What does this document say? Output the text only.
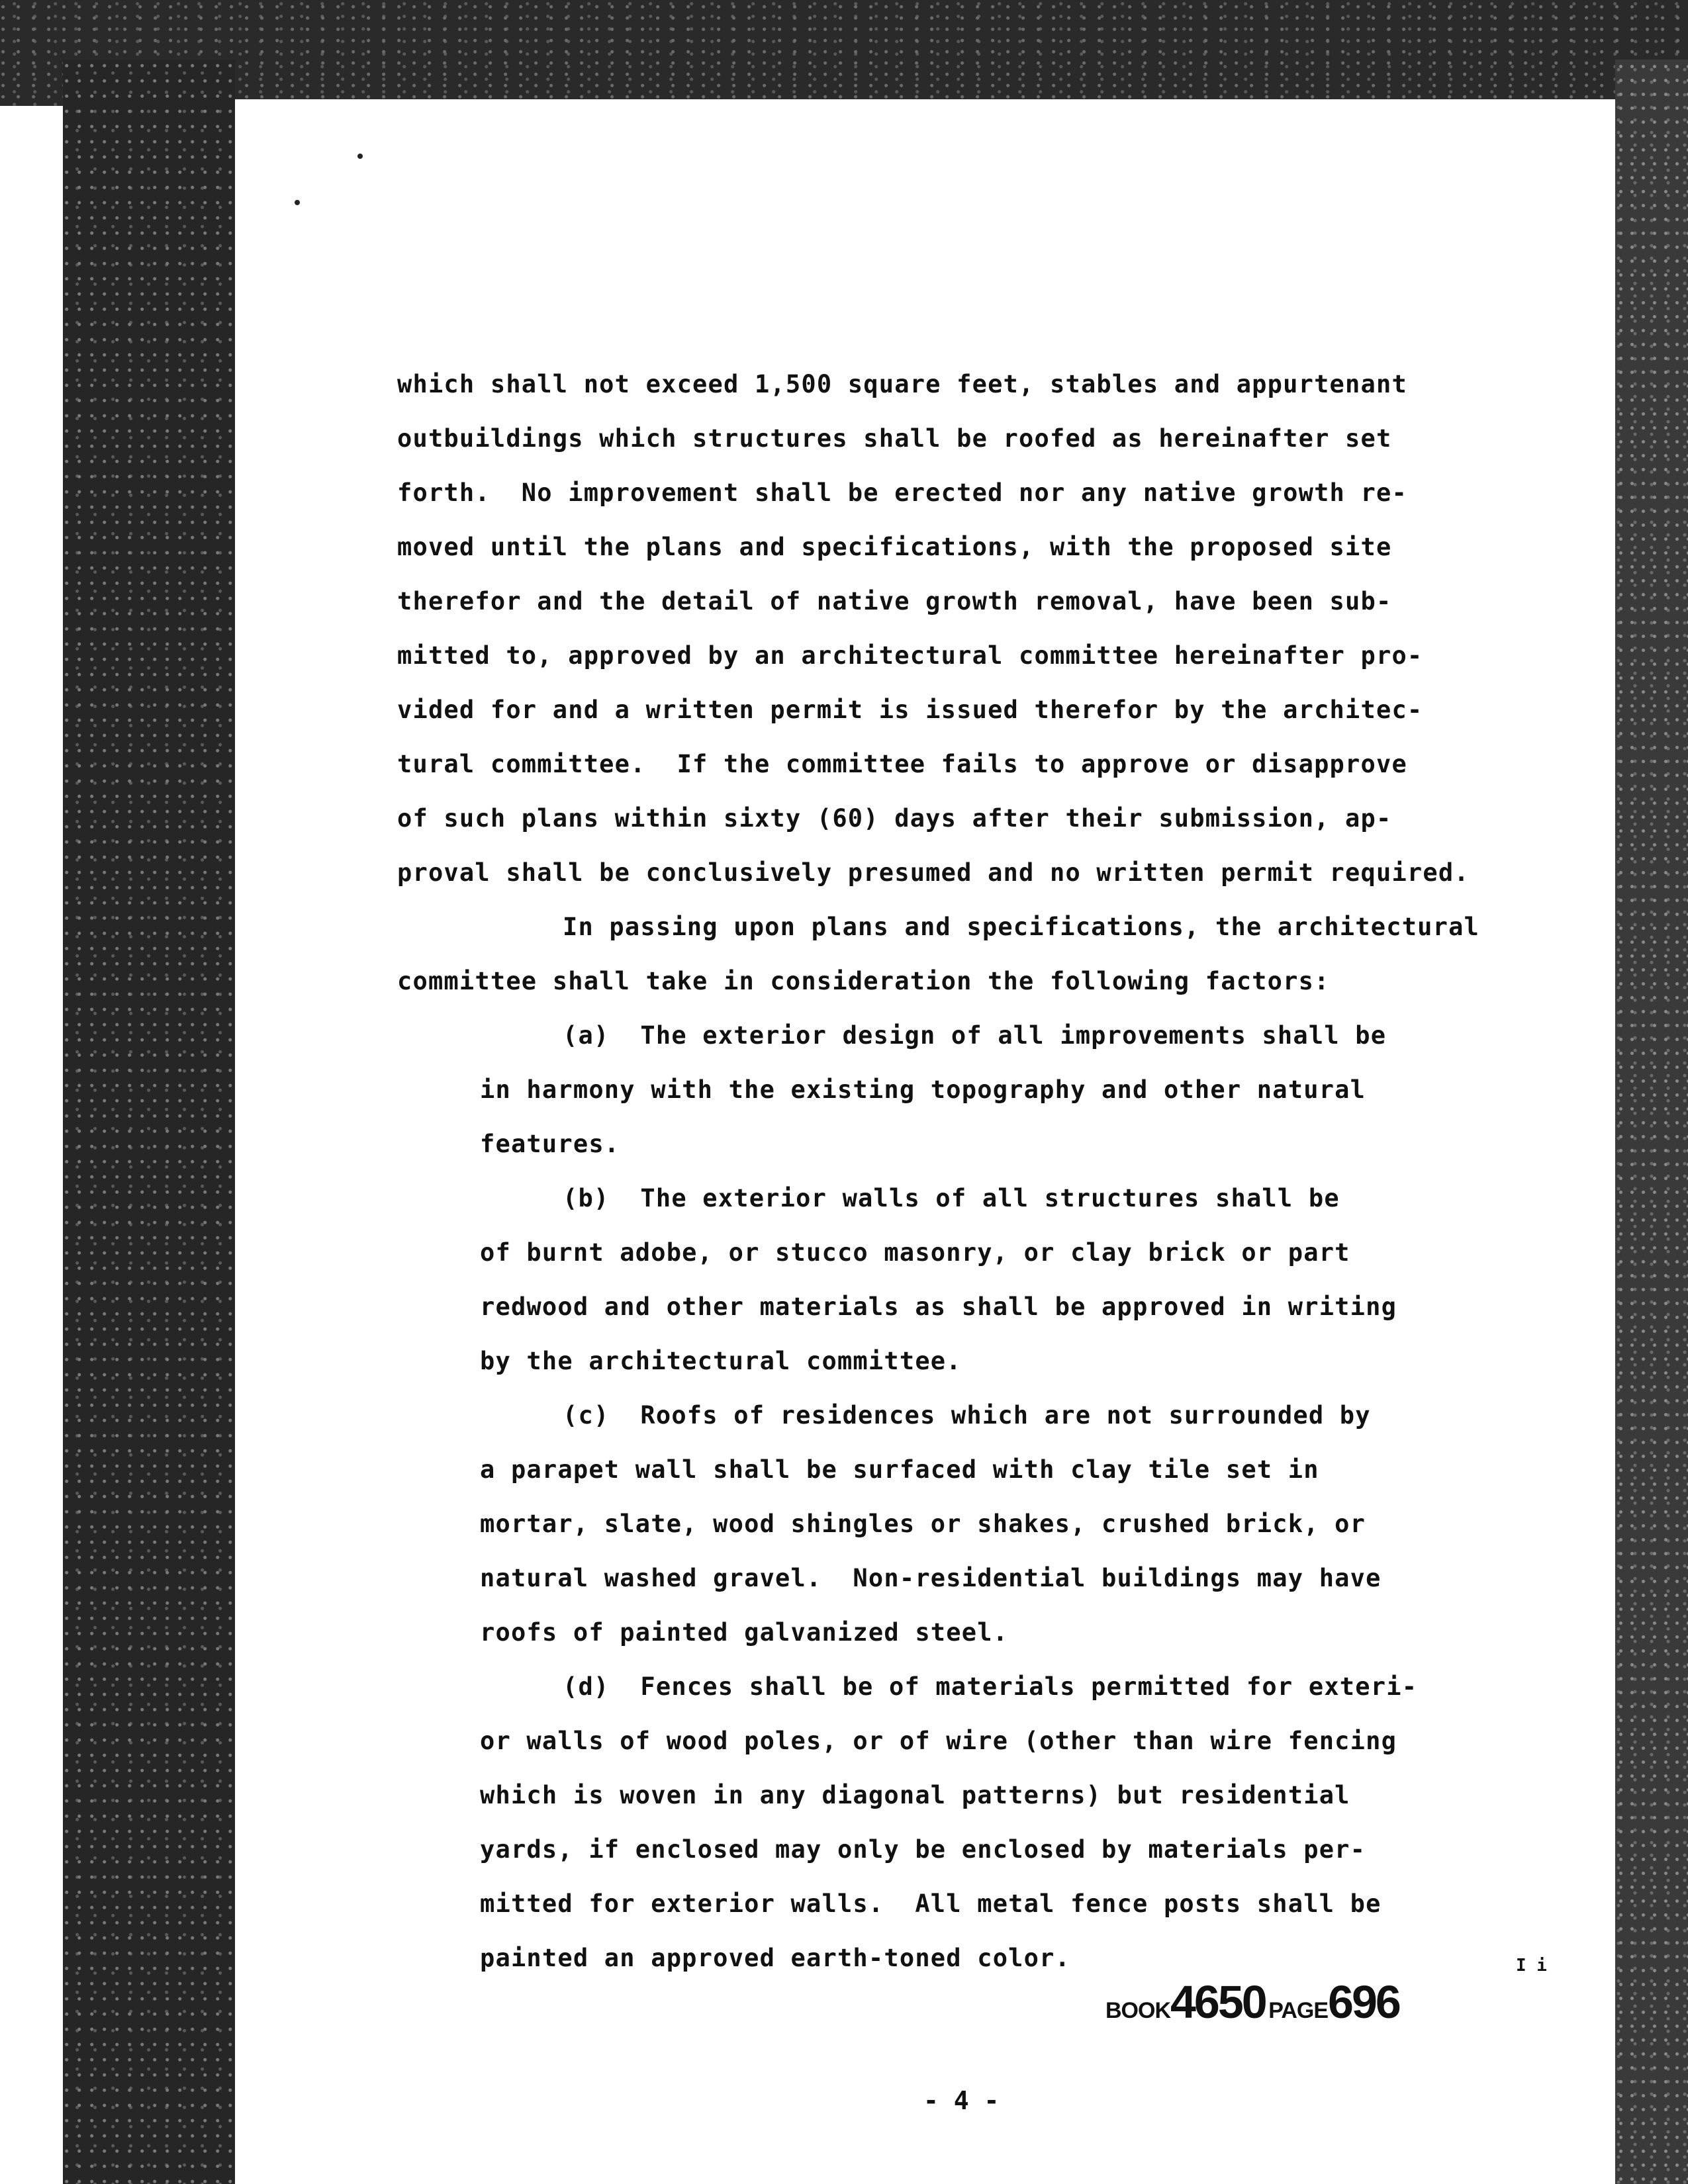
which shall not exceed 1,500 square feet, stables and appurtenant
outbuildings which structures shall be roofed as hereinafter set
forth.  No improvement shall be erected nor any native growth re-
moved until the plans and specifications, with the proposed site
therefor and the detail of native growth removal, have been sub-
mitted to, approved by an architectural committee hereinafter pro-
vided for and a written permit is issued therefor by the architec-
tural committee.  If the committee fails to approve or disapprove
of such plans within sixty (60) days after their submission, ap-
proval shall be conclusively presumed and no written permit required.
In passing upon plans and specifications, the architectural
committee shall take in consideration the following factors:
(a)  The exterior design of all improvements shall be
in harmony with the existing topography and other natural
features.
(b)  The exterior walls of all structures shall be
of burnt adobe, or stucco masonry, or clay brick or part
redwood and other materials as shall be approved in writing
by the architectural committee.
(c)  Roofs of residences which are not surrounded by
a parapet wall shall be surfaced with clay tile set in
mortar, slate, wood shingles or shakes, crushed brick, or
natural washed gravel.  Non-residential buildings may have
roofs of painted galvanized steel.
(d)  Fences shall be of materials permitted for exteri-
or walls of wood poles, or of wire (other than wire fencing
which is woven in any diagonal patterns) but residential
yards, if enclosed may only be enclosed by materials per-
mitted for exterior walls.  All metal fence posts shall be
painted an approved earth-toned color.	I i
BOOK4650 PAGE696
- 4 -
